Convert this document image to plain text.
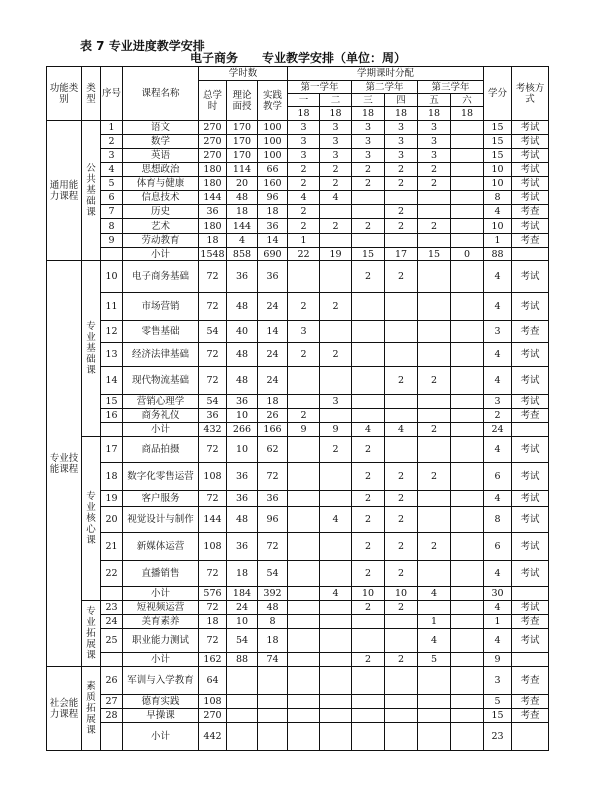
表 7 专业进度教学安排
电子商务 专业教学安排（单位：周）
功能类别	类型	序号	课程名称	学时数			学期课时分配						学分	考核方式
				总学时	理论面授	实践教学	第一学年		第二学年		第三学年			
							一	二	三	四	五	六		
							18	18	18	18	18	18		
通用能力课程	公共基础课	1	语文	270	170	100	3	3	3	3	3		15	考试
		2	数学	270	170	100	3	3	3	3	3		15	考试
		3	英语	270	170	100	3	3	3	3	3		15	考试
		4	思想政治	180	114	66	2	2	2	2	2		10	考试
		5	体育与健康	180	20	160	2	2	2	2	2		10	考试
		6	信息技术	144	48	96	4	4					8	考试
		7	历史	36	18	18	2			2			4	考查
		8	艺术	180	144	36	2	2	2	2	2		10	考试
		9	劳动教育	18	4	14	1						1	考查
			小计	1548	858	690	22	19	15	17	15	0	88	
专业技能课程	专业基础课	10	电子商务基础	72	36	36			2	2			4	考试
		11	市场营销	72	48	24	2	2					4	考试
		12	零售基础	54	40	14	3						3	考查
		13	经济法律基础	72	48	24	2	2					4	考试
		14	现代物流基础	72	48	24				2	2		4	考试
		15	营销心理学	54	36	18		3					3	考试
		16	商务礼仪	36	10	26	2						2	考查
			小计	432	266	166	9	9	4	4	2		24	
	专业核心课	17	商品拍摄	72	10	62		2	2				4	考试
		18	数字化零售运营	108	36	72			2	2	2		6	考试
		19	客户服务	72	36	36			2	2			4	考试
		20	视觉设计与制作	144	48	96		4	2	2			8	考试
		21	新媒体运营	108	36	72			2	2	2		6	考试
		22	直播销售	72	18	54			2	2			4	考试
			小计	576	184	392		4	10	10	4		30	
	专业拓展课	23	短视频运营	72	24	48			2	2			4	考试
		24	美育素养	18	10	8					1		1	考查
		25	职业能力测试	72	54	18					4		4	考试
			小计	162	88	74			2	2	5		9	
社会能力课程	素质拓展课	26	军训与入学教育	64									3	考查
		27	德育实践	108									5	考查
		28	早操课	270									15	考查
			小计	442									23	
